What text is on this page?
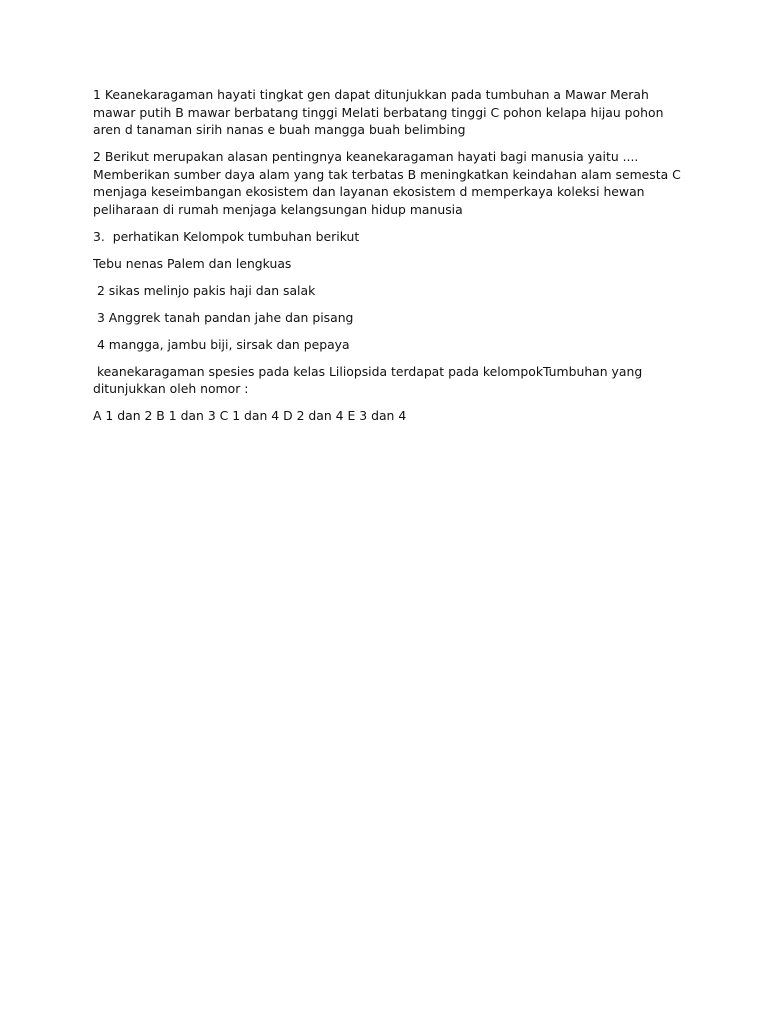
1 Keanekaragaman hayati tingkat gen dapat ditunjukkan pada tumbuhan a Mawar Merah mawar putih B mawar berbatang tinggi Melati berbatang tinggi C pohon kelapa hijau pohon aren d tanaman sirih nanas e buah mangga buah belimbing

2 Berikut merupakan alasan pentingnya keanekaragaman hayati bagi manusia yaitu .... Memberikan sumber daya alam yang tak terbatas B meningkatkan keindahan alam semesta C menjaga keseimbangan ekosistem dan layanan ekosistem d memperkaya koleksi hewan peliharaan di rumah menjaga kelangsungan hidup manusia

3.  perhatikan Kelompok tumbuhan berikut

Tebu nenas Palem dan lengkuas

2 sikas melinjo pakis haji dan salak

3 Anggrek tanah pandan jahe dan pisang

4 mangga, jambu biji, sirsak dan pepaya

keanekaragaman spesies pada kelas Liliopsida terdapat pada kelompokTumbuhan yang ditunjukkan oleh nomor :

A 1 dan 2 B 1 dan 3 C 1 dan 4 D 2 dan 4 E 3 dan 4
